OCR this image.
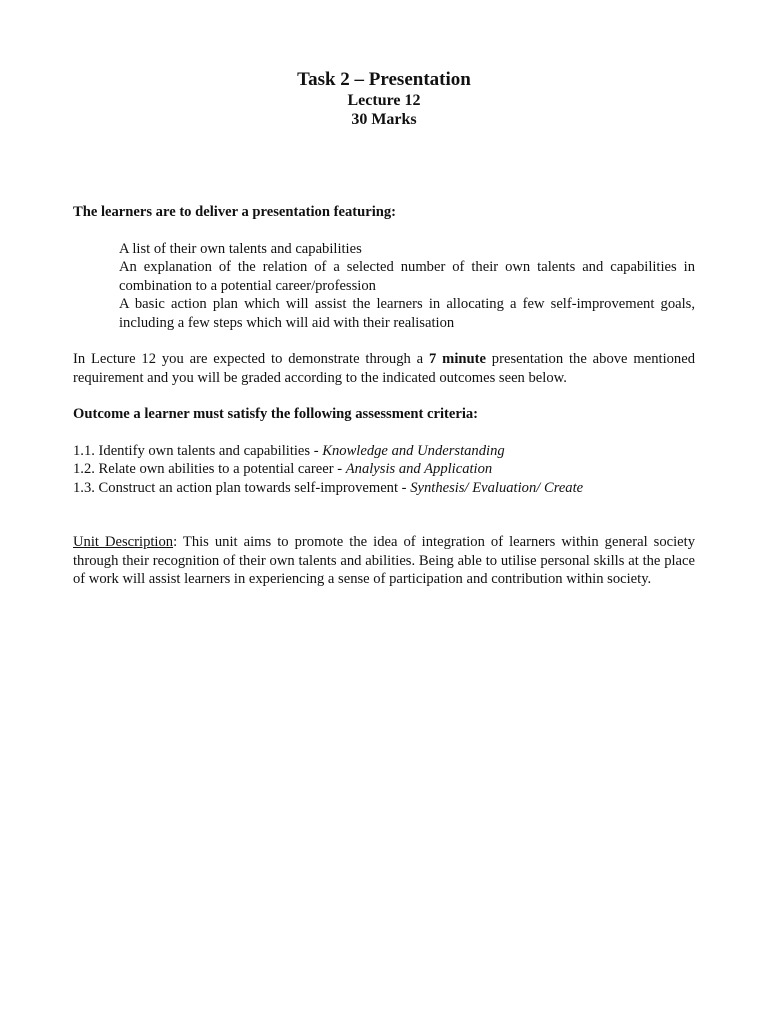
Task 2 – Presentation
Lecture 12
30 Marks

The learners are to deliver a presentation featuring:

A list of their own talents and capabilities
An explanation of the relation of a selected number of their own talents and capabilities in combination to a potential career/profession
A basic action plan which will assist the learners in allocating a few self-improvement goals, including a few steps which will aid with their realisation

In Lecture 12 you are expected to demonstrate through a 7 minute presentation the above mentioned requirement and you will be graded according to the indicated outcomes seen below.

Outcome a learner must satisfy the following assessment criteria:

1.1. Identify own talents and capabilities - Knowledge and Understanding
1.2. Relate own abilities to a potential career - Analysis and Application
1.3. Construct an action plan towards self-improvement - Synthesis/ Evaluation/ Create

Unit Description: This unit aims to promote the idea of integration of learners within general society through their recognition of their own talents and abilities. Being able to utilise personal skills at the place of work will assist learners in experiencing a sense of participation and contribution within society.
